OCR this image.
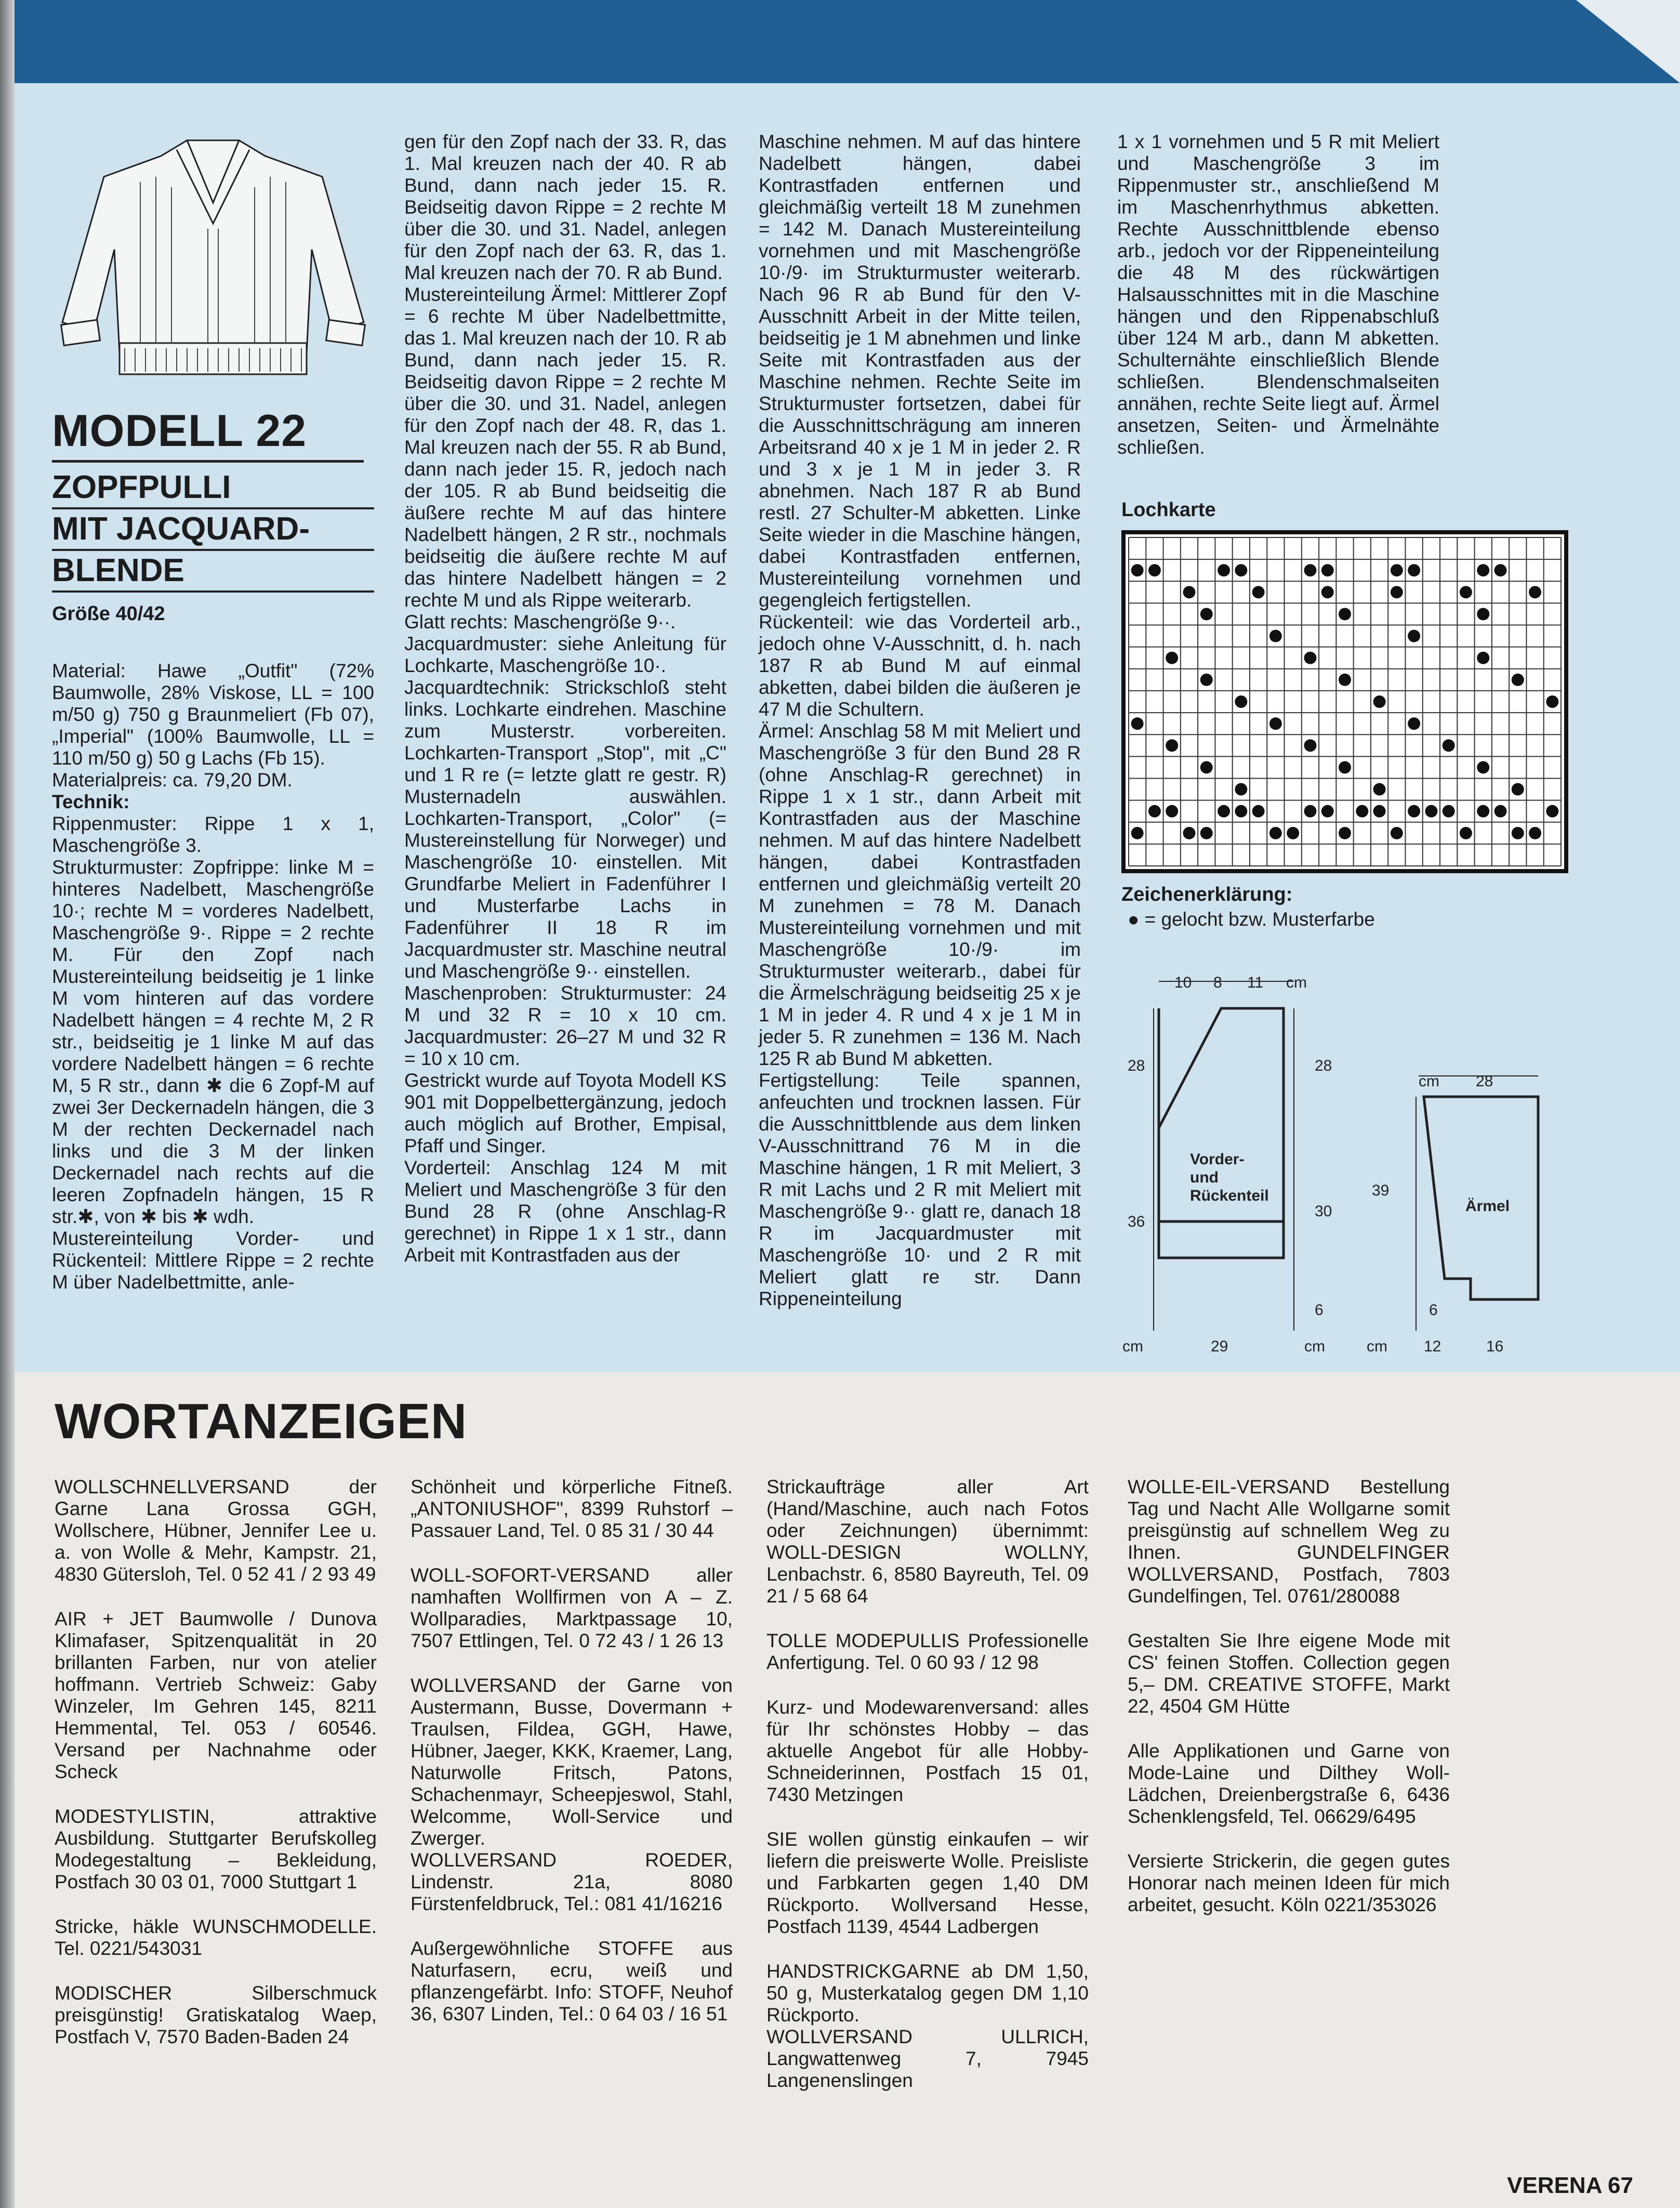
MODELL 22
ZOPFPULLI
MIT JACQUARD-
BLENDE
Größe 40/42

Material: Hawe „Outfit" (72% Baumwolle, 28% Viskose, LL = 100 m/50 g) 750 g Braunmeliert (Fb 07), „Imperial" (100% Baumwolle, LL = 110 m/50 g) 50 g Lachs (Fb 15).

Materialpreis: ca. 79,20 DM.

Technik:

Rippenmuster: Rippe 1 x 1, Maschengröße 3.

Strukturmuster: Zopfrippe: linke M = hinteres Nadelbett, Maschengröße 10·; rechte M = vorderes Nadelbett, Maschengröße 9·. Rippe = 2 rechte M. Für den Zopf nach Mustereinteilung beidseitig je 1 linke M vom hinteren auf das vordere Nadelbett hängen = 4 rechte M, 2 R str., beidseitig je 1 linke M auf das vordere Nadelbett hängen = 6 rechte M, 5 R str., dann ✱ die 6 Zopf-M auf zwei 3er Deckernadeln hängen, die 3 M der rechten Deckernadel nach links und die 3 M der linken Deckernadel nach rechts auf die leeren Zopfnadeln hängen, 15 R str.✱, von ✱ bis ✱ wdh.

Mustereinteilung Vorder- und Rückenteil: Mittlere Rippe = 2 rechte M über Nadelbettmitte, anle-

gen für den Zopf nach der 33. R, das 1. Mal kreuzen nach der 40. R ab Bund, dann nach jeder 15. R. Beidseitig davon Rippe = 2 rechte M über die 30. und 31. Nadel, anlegen für den Zopf nach der 63. R, das 1. Mal kreuzen nach der 70. R ab Bund.

Mustereinteilung Ärmel: Mittlerer Zopf = 6 rechte M über Nadelbettmitte, das 1. Mal kreuzen nach der 10. R ab Bund, dann nach jeder 15. R. Beidseitig davon Rippe = 2 rechte M über die 30. und 31. Nadel, anlegen für den Zopf nach der 48. R, das 1. Mal kreuzen nach der 55. R ab Bund, dann nach jeder 15. R, jedoch nach der 105. R ab Bund beidseitig die äußere rechte M auf das hintere Nadelbett hängen, 2 R str., nochmals beidseitig die äußere rechte M auf das hintere Nadelbett hängen = 2 rechte M und als Rippe weiterarb.

Glatt rechts: Maschengröße 9··.

Jacquardmuster: siehe Anleitung für Lochkarte, Maschengröße 10·.

Jacquardtechnik: Strickschloß steht links. Lochkarte eindrehen. Maschine zum Musterstr. vorbereiten. Lochkarten-Transport „Stop", mit „C" und 1 R re (= letzte glatt re gestr. R) Musternadeln auswählen. Lochkarten-Transport, „Color" (= Mustereinstellung für Norweger) und Maschengröße 10· einstellen. Mit Grundfarbe Meliert in Fadenführer I und Musterfarbe Lachs in Fadenführer II 18 R im Jacquardmuster str. Maschine neutral und Maschengröße 9·· einstellen.

Maschenproben: Strukturmuster: 24 M und 32 R = 10 x 10 cm. Jacquardmuster: 26–27 M und 32 R = 10 x 10 cm.

Gestrickt wurde auf Toyota Modell KS 901 mit Doppelbettergänzung, jedoch auch möglich auf Brother, Empisal, Pfaff und Singer.

Vorderteil: Anschlag 124 M mit Meliert und Maschengröße 3 für den Bund 28 R (ohne Anschlag-R gerechnet) in Rippe 1 x 1 str., dann Arbeit mit Kontrastfaden aus der

Maschine nehmen. M auf das hintere Nadelbett hängen, dabei Kontrastfaden entfernen und gleichmäßig verteilt 18 M zunehmen = 142 M. Danach Mustereinteilung vornehmen und mit Maschengröße 10·/9· im Strukturmuster weiterarb. Nach 96 R ab Bund für den V-Ausschnitt Arbeit in der Mitte teilen, beidseitig je 1 M abnehmen und linke Seite mit Kontrastfaden aus der Maschine nehmen. Rechte Seite im Strukturmuster fortsetzen, dabei für die Ausschnittschrägung am inneren Arbeitsrand 40 x je 1 M in jeder 2. R und 3 x je 1 M in jeder 3. R abnehmen. Nach 187 R ab Bund restl. 27 Schulter-M abketten. Linke Seite wieder in die Maschine hängen, dabei Kontrastfaden entfernen, Mustereinteilung vornehmen und gegengleich fertigstellen.

Rückenteil: wie das Vorderteil arb., jedoch ohne V-Ausschnitt, d. h. nach 187 R ab Bund M auf einmal abketten, dabei bilden die äußeren je 47 M die Schultern.

Ärmel: Anschlag 58 M mit Meliert und Maschengröße 3 für den Bund 28 R (ohne Anschlag-R gerechnet) in Rippe 1 x 1 str., dann Arbeit mit Kontrastfaden aus der Maschine nehmen. M auf das hintere Nadelbett hängen, dabei Kontrastfaden entfernen und gleichmäßig verteilt 20 M zunehmen = 78 M. Danach Mustereinteilung vornehmen und mit Maschengröße 10·/9· im Strukturmuster weiterarb., dabei für die Ärmelschrägung beidseitig 25 x je 1 M in jeder 4. R und 4 x je 1 M in jeder 5. R zunehmen = 136 M. Nach 125 R ab Bund M abketten.

Fertigstellung: Teile spannen, anfeuchten und trocknen lassen. Für die Ausschnittblende aus dem linken V-Ausschnittrand 76 M in die Maschine hängen, 1 R mit Meliert, 3 R mit Lachs und 2 R mit Meliert mit Maschengröße 9·· glatt re, danach 18 R im Jacquardmuster mit Maschengröße 10· und 2 R mit Meliert glatt re str. Dann Rippeneinteilung

1 x 1 vornehmen und 5 R mit Meliert und Maschengröße 3 im Rippenmuster str., anschließend M im Maschenrhythmus abketten. Rechte Ausschnittblende ebenso arb., jedoch vor der Rippeneinteilung die 48 M des rückwärtigen Halsausschnittes mit in die Maschine hängen und den Rippenabschluß über 124 M arb., dann M abketten. Schulternähte einschließlich Blende schließen. Blendenschmalseiten annähen, rechte Seite liegt auf. Ärmel ansetzen, Seiten- und Ärmelnähte schließen.

Lochkarte
Zeichenerklärung:
● = gelocht bzw. Musterfarbe
10 8 11 cm
28
36
28
30
6
cm	29	cm
Vorder-
und
Rückenteil
cm 28
39
6
cm 12	16
Ärmel
WORTANZEIGEN

WOLLSCHNELLVERSAND der Garne Lana Grossa GGH, Wollschere, Hübner, Jennifer Lee u. a. von Wolle & Mehr, Kampstr. 21, 4830 Gütersloh, Tel. 0 52 41 / 2 93 49

AIR + JET Baumwolle / Dunova Klimafaser, Spitzenqualität in 20 brillanten Farben, nur von atelier hoffmann. Vertrieb Schweiz: Gaby Winzeler, Im Gehren 145, 8211 Hemmental, Tel. 053 / 60546. Versand per Nachnahme oder Scheck

MODESTYLISTIN, attraktive Ausbildung. Stuttgarter Berufskolleg Modegestaltung – Bekleidung, Postfach 30 03 01, 7000 Stuttgart 1

Stricke, häkle WUNSCHMODELLE. Tel. 0221/543031

MODISCHER Silberschmuck preisgünstig! Gratiskatalog Waep, Postfach V, 7570 Baden-Baden 24

Schönheit und körperliche Fitneß. „ANTONIUSHOF", 8399 Ruhstorf – Passauer Land, Tel. 0 85 31 / 30 44

WOLL-SOFORT-VERSAND aller namhaften Wollfirmen von A – Z. Wollparadies, Marktpassage 10, 7507 Ettlingen, Tel. 0 72 43 / 1 26 13

WOLLVERSAND der Garne von Austermann, Busse, Dovermann + Traulsen, Fildea, GGH, Hawe, Hübner, Jaeger, KKK, Kraemer, Lang, Naturwolle Fritsch, Patons, Schachenmayr, Scheepjeswol, Stahl, Welcomme, Woll-Service und Zwerger.

WOLLVERSAND ROEDER, Lindenstr. 21a, 8080 Fürstenfeldbruck, Tel.: 081 41/16216

Außergewöhnliche STOFFE aus Naturfasern, ecru, weiß und pflanzengefärbt. Info: STOFF, Neuhof 36, 6307 Linden, Tel.: 0 64 03 / 16 51

Strickaufträge aller Art (Hand/Maschine, auch nach Fotos oder Zeichnungen) übernimmt: WOLL-DESIGN WOLLNY, Lenbachstr. 6, 8580 Bayreuth, Tel. 09 21 / 5 68 64

TOLLE MODEPULLIS Professionelle Anfertigung. Tel. 0 60 93 / 12 98

Kurz- und Modewarenversand: alles für Ihr schönstes Hobby – das aktuelle Angebot für alle Hobby-Schneiderinnen, Postfach 15 01, 7430 Metzingen

SIE wollen günstig einkaufen – wir liefern die preiswerte Wolle. Preisliste und Farbkarten gegen 1,40 DM Rückporto. Wollversand Hesse, Postfach 1139, 4544 Ladbergen

HANDSTRICKGARNE ab DM 1,50, 50 g, Musterkatalog gegen DM 1,10 Rückporto.

WOLLVERSAND ULLRICH, Langwattenweg 7, 7945 Langenenslingen

WOLLE-EIL-VERSAND Bestellung Tag und Nacht Alle Wollgarne somit preisgünstig auf schnellem Weg zu Ihnen. GUNDELFINGER WOLLVERSAND, Postfach, 7803 Gundelfingen, Tel. 0761/280088

Gestalten Sie Ihre eigene Mode mit CS' feinen Stoffen. Collection gegen 5,– DM. CREATIVE STOFFE, Markt 22, 4504 GM Hütte

Alle Applikationen und Garne von Mode-Laine und Dilthey Woll-Lädchen, Dreienbergstraße 6, 6436 Schenklengsfeld, Tel. 06629/6495

Versierte Strickerin, die gegen gutes Honorar nach meinen Ideen für mich arbeitet, gesucht. Köln 0221/353026

VERENA 67
